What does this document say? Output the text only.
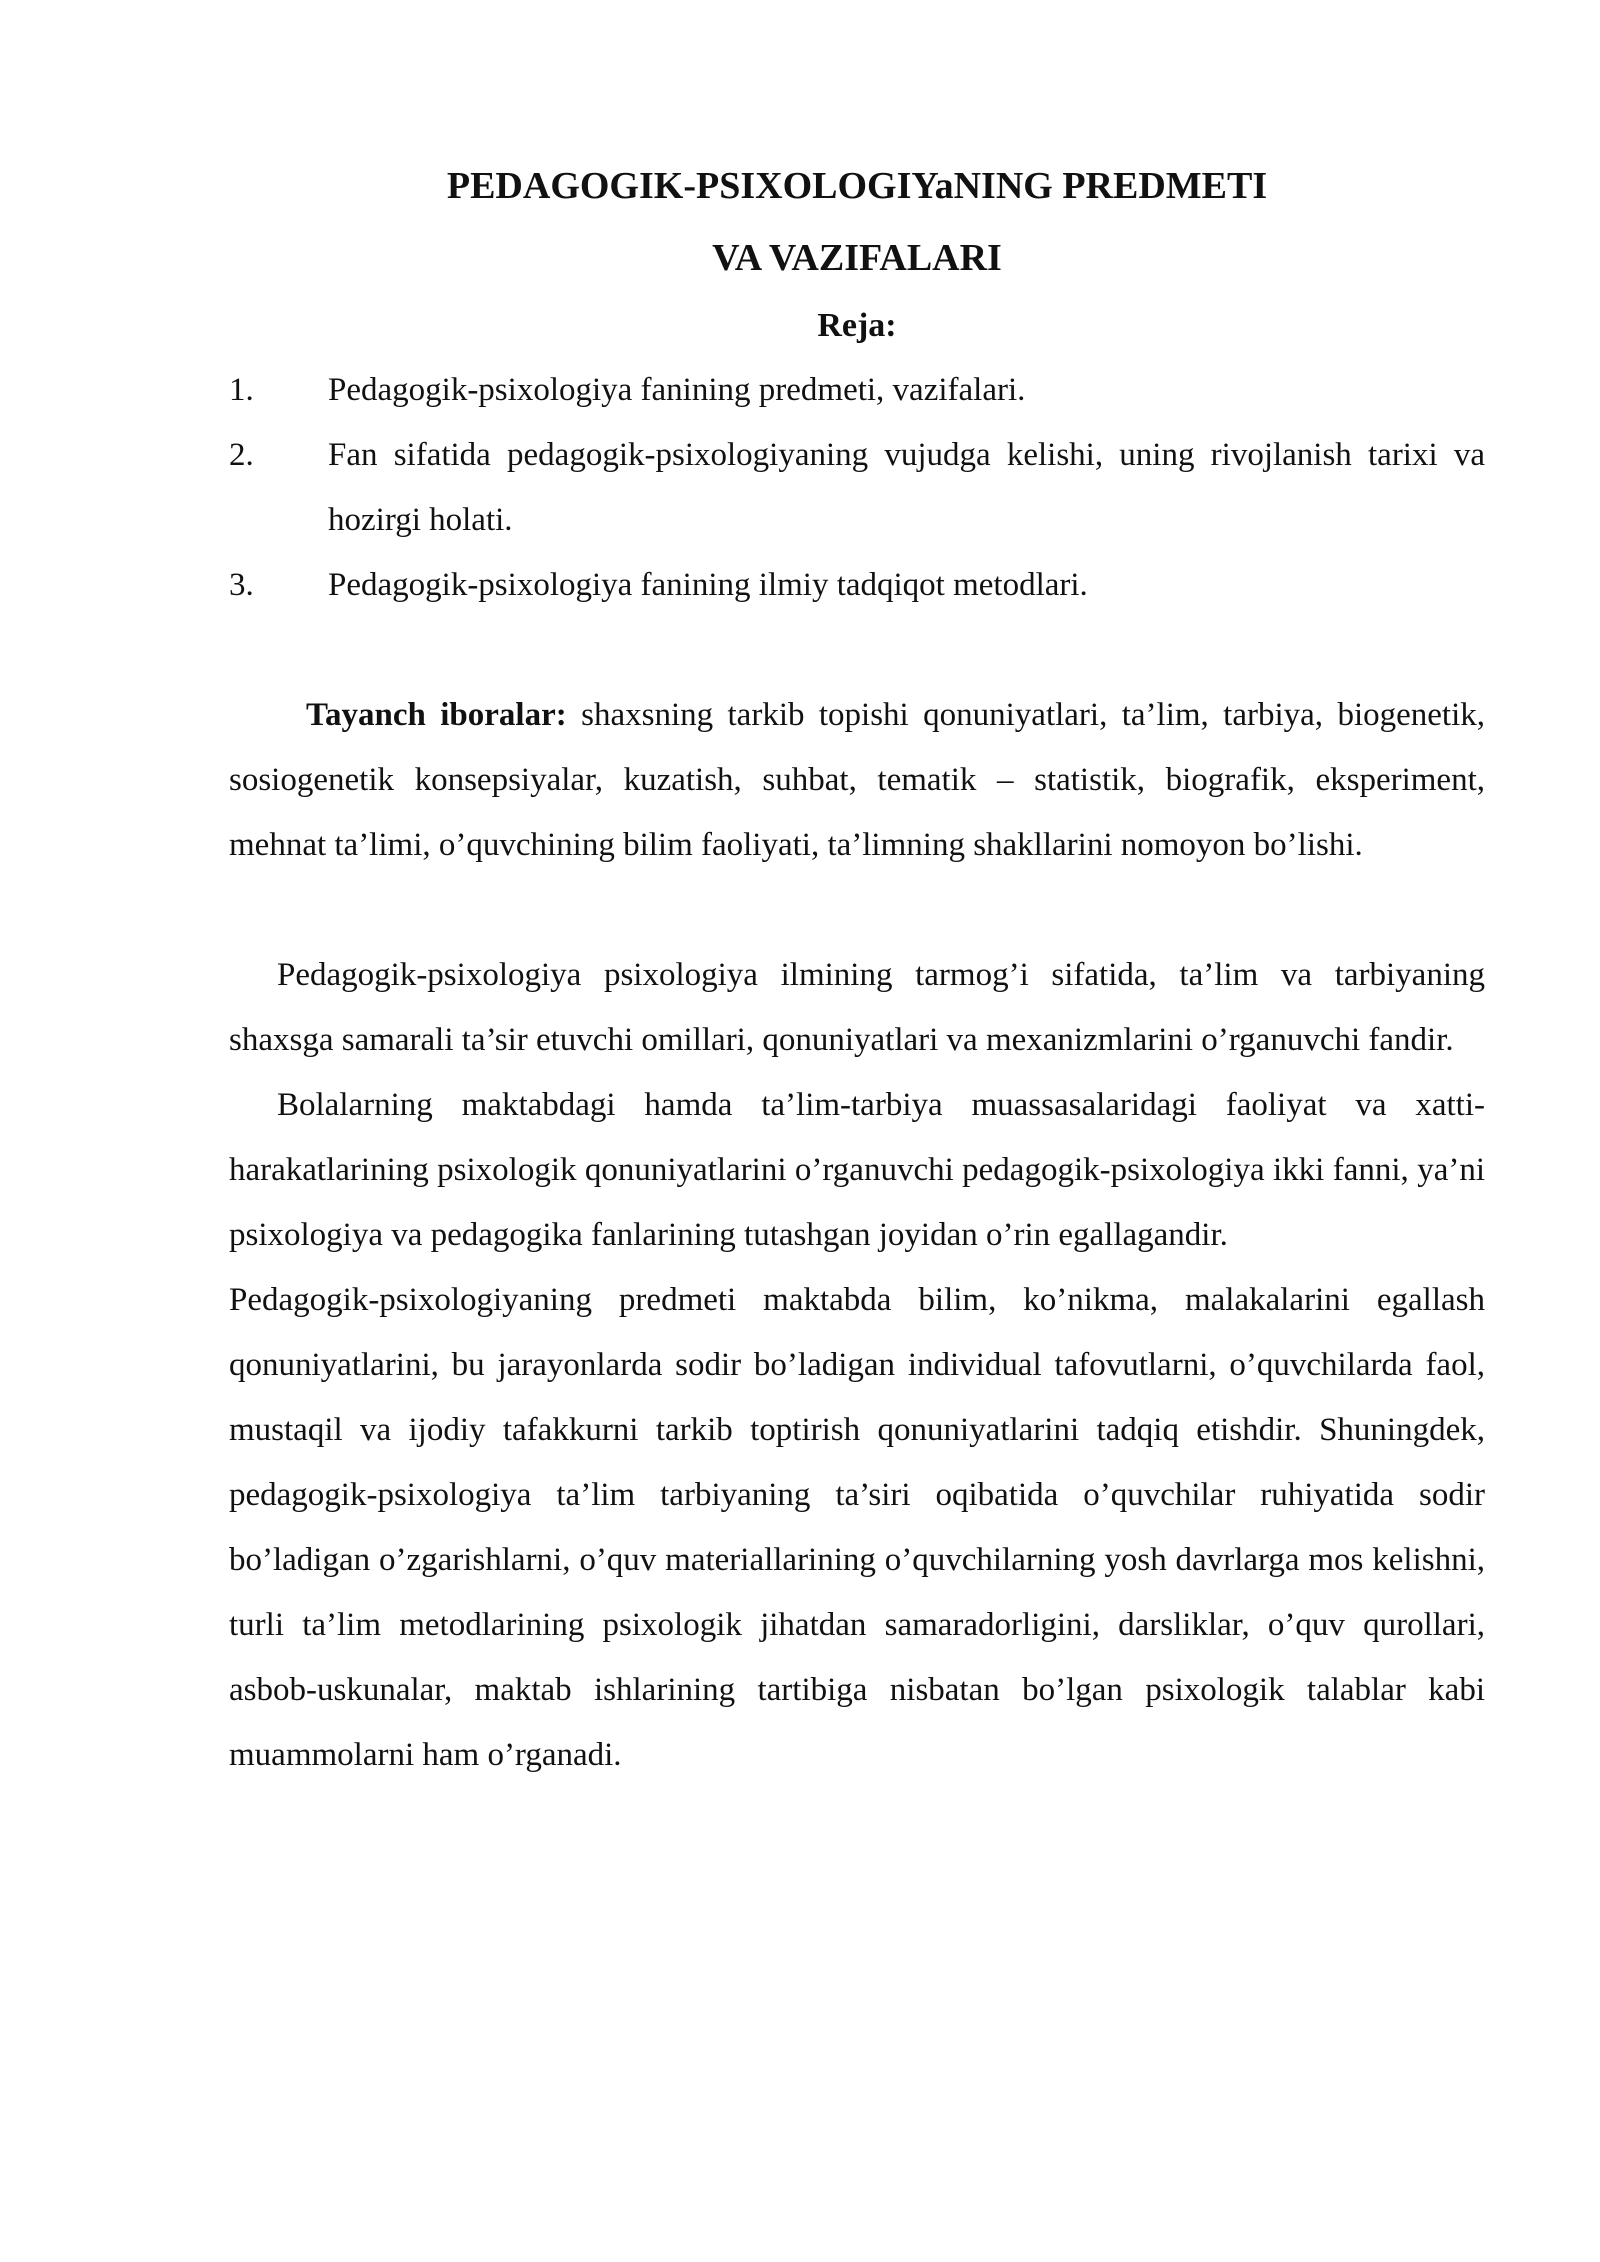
PEDAGOGIK-PSIXOLOGIYaNING PREDMETI
VA VAZIFALARI
Reja:
1.	Pedagogik-psixologiya fanining predmeti, vazifalari.
2.	Fan sifatida pedagogik-psixologiyaning vujudga kelishi, uning rivojlanish tarixi va hozirgi holati.
3.	Pedagogik-psixologiya fanining ilmiy tadqiqot metodlari.

Tayanch iboralar: shaxsning tarkib topishi qonuniyatlari, ta’lim, tarbiya, biogenetik, sosiogenetik konsepsiyalar, kuzatish, suhbat, tematik – statistik, biografik, eksperiment, mehnat ta’limi, o’quvchining bilim faoliyati, ta’limning shakllarini nomoyon bo’lishi.

Pedagogik-psixologiya psixologiya ilmining tarmog’i sifatida, ta’lim va tarbiyaning shaxsga samarali ta’sir etuvchi omillari, qonuniyatlari va mexanizmlarini o’rganuvchi fandir.

Bolalarning maktabdagi hamda ta’lim-tarbiya muassasalaridagi faoliyat va xatti-harakatlarining psixologik qonuniyatlarini o’rganuvchi pedagogik-psixologiya ikki fanni, ya’ni psixologiya va pedagogika fanlarining tutashgan joyidan o’rin egallagandir.

Pedagogik-psixologiyaning predmeti maktabda bilim, ko’nikma, malakalarini egallash qonuniyatlarini, bu jarayonlarda sodir bo’ladigan individual tafovutlarni, o’quvchilarda faol, mustaqil va ijodiy tafakkurni tarkib toptirish qonuniyatlarini tadqiq etishdir. Shuningdek, pedagogik-psixologiya ta’lim tarbiyaning ta’siri oqibatida o’quvchilar ruhiyatida sodir bo’ladigan o’zgarishlarni, o’quv materiallarining o’quvchilarning yosh davrlarga mos kelishni, turli ta’lim metodlarining psixologik jihatdan samaradorligini, darsliklar, o’quv qurollari, asbob-uskunalar, maktab ishlarining tartibiga nisbatan bo’lgan psixologik talablar kabi muammolarni ham o’rganadi.
